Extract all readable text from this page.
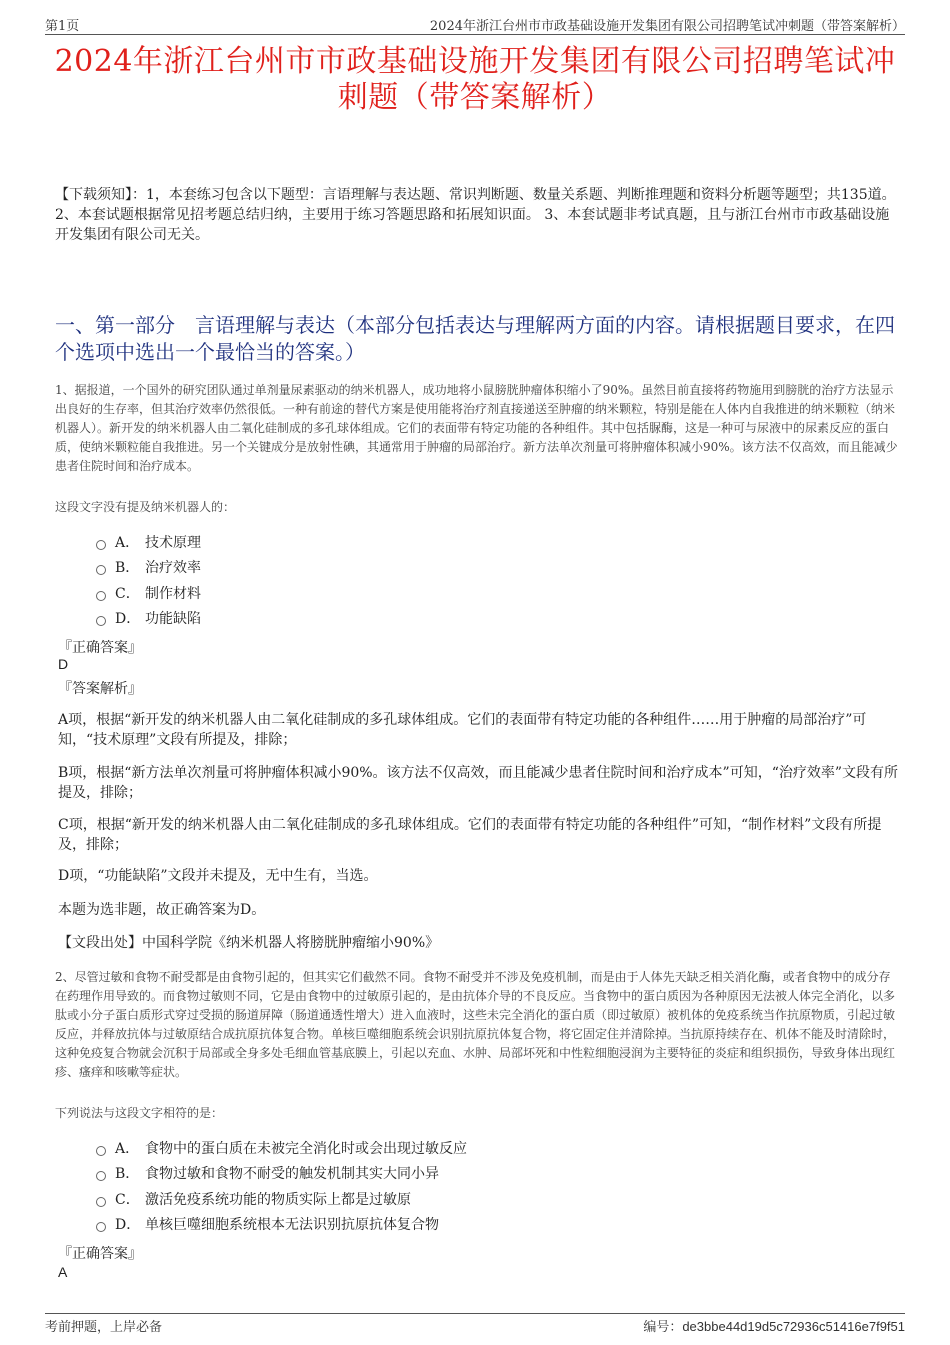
第1页	2024年浙江台州市市政基础设施开发集团有限公司招聘笔试冲刺题（带答案解析）
2024年浙江台州市市政基础设施开发集团有限公司招聘笔试冲刺题（带答案解析）
【下载须知】：1，本套练习包含以下题型：言语理解与表达题、常识判断题、数量关系题、判断推理题和资料分析题等题型；共135道。 2、本套试题根据常见招考题总结归纳，主要用于练习答题思路和拓展知识面。 3、本套试题非考试真题，且与浙江台州市市政基础设施开发集团有限公司无关。
一、第一部分　言语理解与表达（本部分包括表达与理解两方面的内容。请根据题目要求，在四个选项中选出一个最恰当的答案。）
1、据报道，一个国外的研究团队通过单剂量尿素驱动的纳米机器人，成功地将小鼠膀胱肿瘤体积缩小了90%。虽然目前直接将药物施用到膀胱的治疗方法显示出良好的生存率，但其治疗效率仍然很低。一种有前途的替代方案是使用能将治疗剂直接递送至肿瘤的纳米颗粒，特别是能在人体内自我推进的纳米颗粒（纳米机器人）。新开发的纳米机器人由二氧化硅制成的多孔球体组成。它们的表面带有特定功能的各种组件。其中包括脲酶，这是一种可与尿液中的尿素反应的蛋白质，使纳米颗粒能自我推进。另一个关键成分是放射性碘，其通常用于肿瘤的局部治疗。新方法单次剂量可将肿瘤体积减小90%。该方法不仅高效，而且能减少患者住院时间和治疗成本。
这段文字没有提及纳米机器人的：
A． 技术原理
B． 治疗效率
C． 制作材料
D． 功能缺陷
『正确答案』
D
『答案解析』
A项，根据“新开发的纳米机器人由二氧化硅制成的多孔球体组成。它们的表面带有特定功能的各种组件……用于肿瘤的局部治疗”可知，“技术原理”文段有所提及，排除；
B项，根据“新方法单次剂量可将肿瘤体积减小90%。该方法不仅高效，而且能减少患者住院时间和治疗成本”可知，“治疗效率”文段有所提及，排除；
C项，根据“新开发的纳米机器人由二氧化硅制成的多孔球体组成。它们的表面带有特定功能的各种组件”可知，“制作材料”文段有所提及，排除；
D项，“功能缺陷”文段并未提及，无中生有，当选。
本题为选非题，故正确答案为D。
【文段出处】中国科学院《纳米机器人将膀胱肿瘤缩小90%》
2、尽管过敏和食物不耐受都是由食物引起的，但其实它们截然不同。食物不耐受并不涉及免疫机制，而是由于人体先天缺乏相关消化酶，或者食物中的成分存在药理作用导致的。而食物过敏则不同，它是由食物中的过敏原引起的，是由抗体介导的不良反应。当食物中的蛋白质因为各种原因无法被人体完全消化，以多肽或小分子蛋白质形式穿过受损的肠道屏障（肠道通透性增大）进入血液时，这些未完全消化的蛋白质（即过敏原）被机体的免疫系统当作抗原物质，引起过敏反应，并释放抗体与过敏原结合成抗原抗体复合物。单核巨噬细胞系统会识别抗原抗体复合物，将它固定住并清除掉。当抗原持续存在、机体不能及时清除时，这种免疫复合物就会沉积于局部或全身多处毛细血管基底膜上，引起以充血、水肿、局部坏死和中性粒细胞浸润为主要特征的炎症和组织损伤，导致身体出现红疹、瘙痒和咳嗽等症状。
下列说法与这段文字相符的是：
A． 食物中的蛋白质在未被完全消化时或会出现过敏反应
B． 食物过敏和食物不耐受的触发机制其实大同小异
C． 激活免疫系统功能的物质实际上都是过敏原
D． 单核巨噬细胞系统根本无法识别抗原抗体复合物
『正确答案』
A
考前押题，上岸必备	编号：de3bbe44d19d5c72936c51416e7f9f51
